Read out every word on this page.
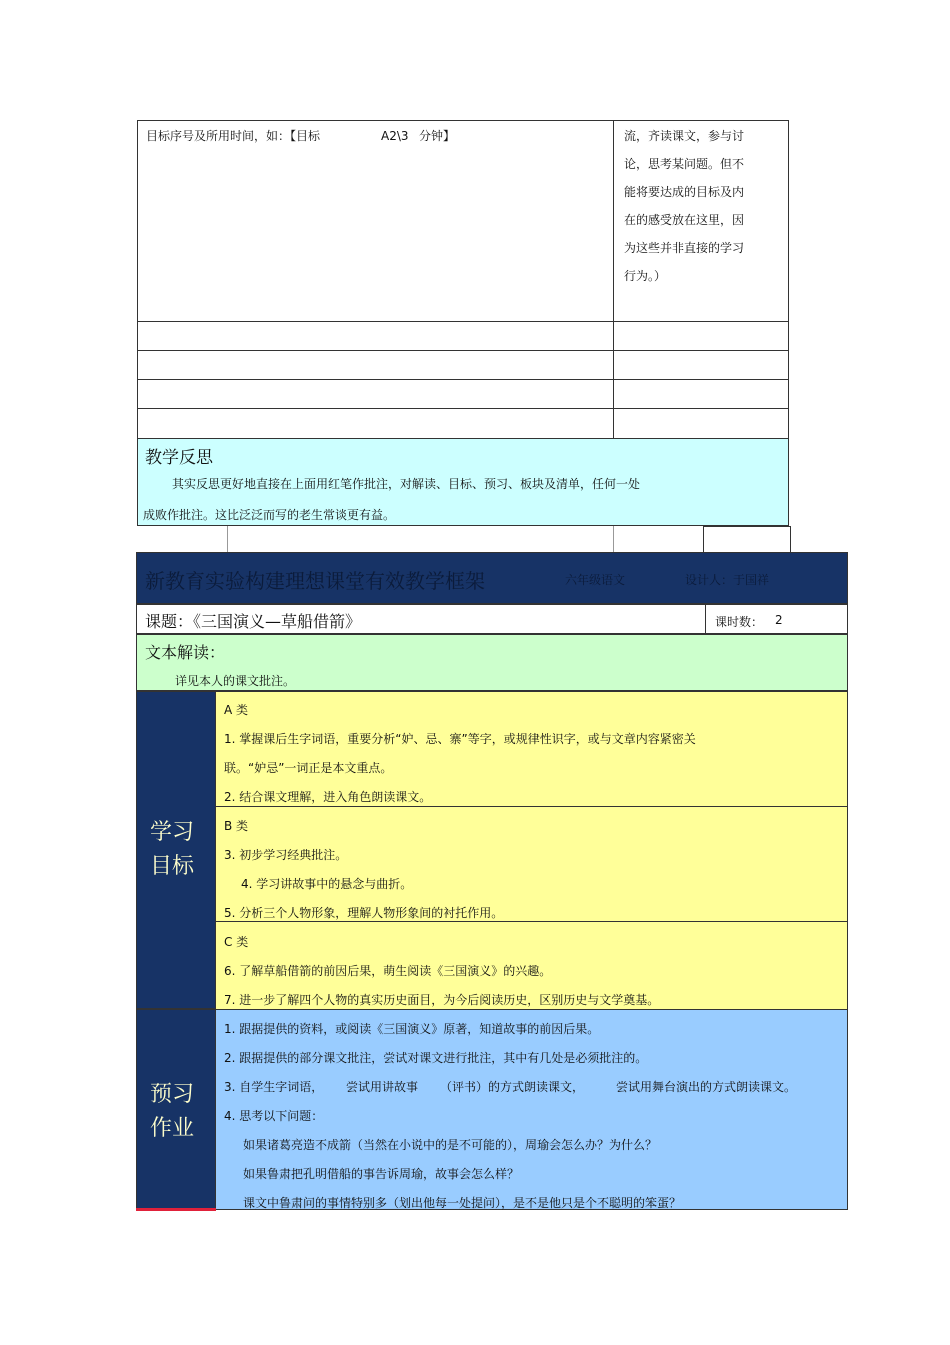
目标序号及所用时间，如：【目标	A2\3 分钟】	流，齐读课文，参与讨
论，思考某问题。但不
能将要达成的目标及内
在的感受放在这里，因
为这些并非直接的学习
行为。）
教学反思
其实反思更好地直接在上面用红笔作批注，对解读、目标、预习、板块及清单，任何一处
成败作批注。这比泛泛而写的老生常谈更有益。
新教育实验构建理想课堂有效教学框架	六年级语文	设计人：于国祥
课题：《三国演义—草船借箭》	课时数： 2
文本解读：
详见本人的课文批注。
学习
目标
A 类
1. 掌握课后生字词语，重要分析“妒、忌、寨”等字，或规律性识字，或与文章内容紧密关
联。“妒忌”一词正是本文重点。
2. 结合课文理解，进入角色朗读课文。
B 类
3. 初步学习经典批注。
4. 学习讲故事中的悬念与曲折。
5. 分析三个人物形象，理解人物形象间的衬托作用。
C 类
6. 了解草船借箭的前因后果，萌生阅读《三国演义》的兴趣。
7. 进一步了解四个人物的真实历史面目，为今后阅读历史，区别历史与文学奠基。
预习
作业
1. 跟据提供的资料，或阅读《三国演义》原著，知道故事的前因后果。
2. 跟据提供的部分课文批注，尝试对课文进行批注，其中有几处是必须批注的。
3. 自学生字词语， 尝试用讲故事 （评书）的方式朗读课文，	尝试用舞台演出的方式朗读课文。
4. 思考以下问题：
如果诸葛亮造不成箭（当然在小说中的是不可能的），周瑜会怎么办？为什么？
如果鲁肃把孔明借船的事告诉周瑜，故事会怎么样？
课文中鲁肃问的事情特别多（划出他每一处提问），是不是他只是个不聪明的笨蛋？
